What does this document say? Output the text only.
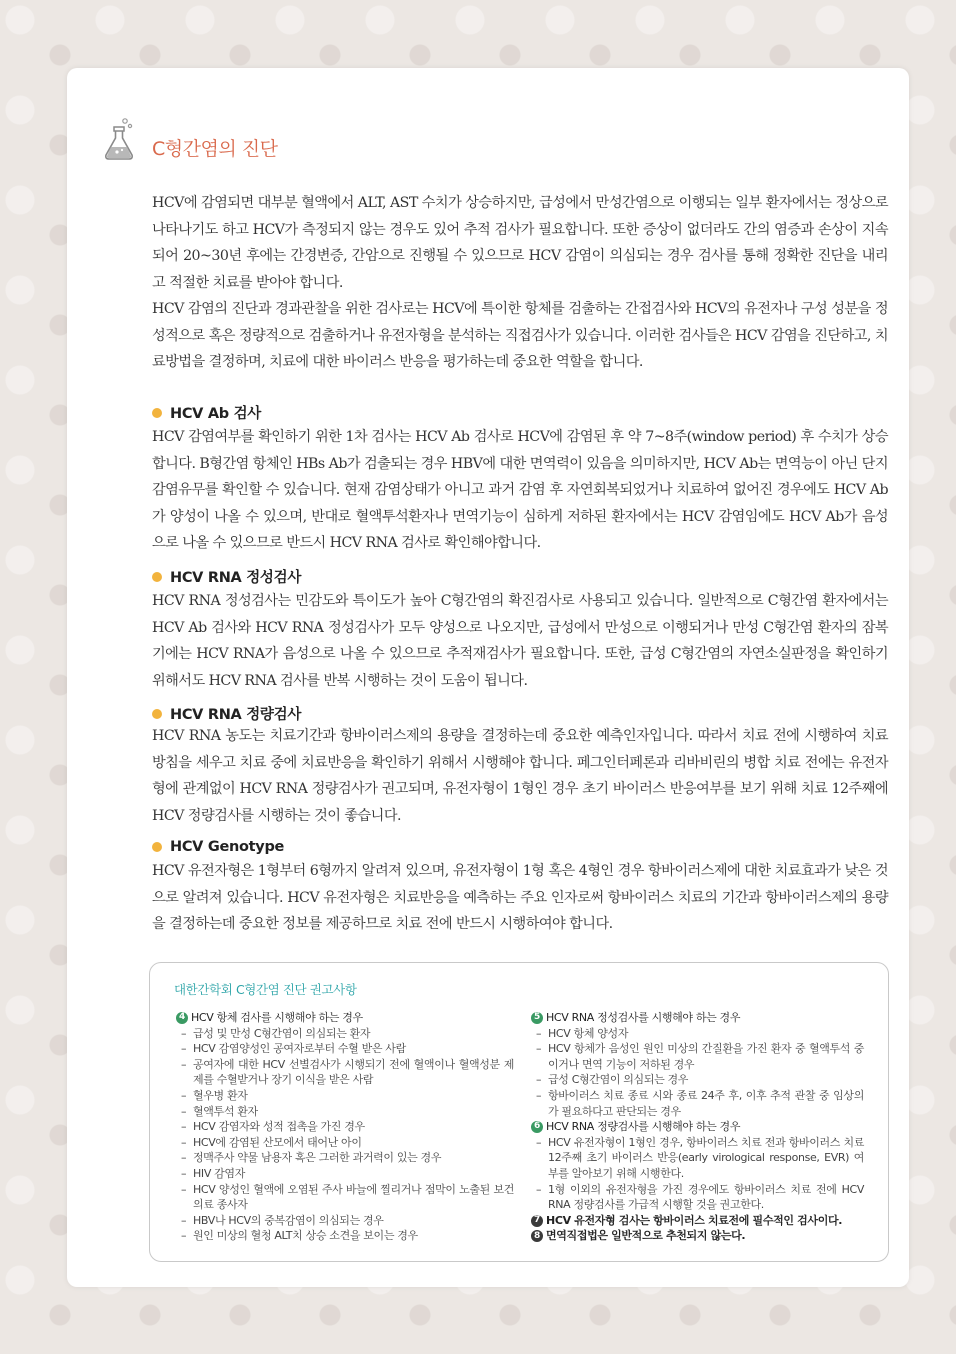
C형간염의 진단

HCV에 감염되면 대부분 혈액에서 ALT, AST 수치가 상승하지만, 급성에서 만성간염으로 이행되는 일부 환자에서는 정상으로 나타나기도 하고 HCV가 측정되지 않는 경우도 있어 추적 검사가 필요합니다. 또한 증상이 없더라도 간의 염증과 손상이 지속되어 20~30년 후에는 간경변증, 간암으로 진행될 수 있으므로 HCV 감염이 의심되는 경우 검사를 통해 정확한 진단을 내리고 적절한 치료를 받아야 합니다.

HCV 감염의 진단과 경과관찰을 위한 검사로는 HCV에 특이한 항체를 검출하는 간접검사와 HCV의 유전자나 구성 성분을 정성적으로 혹은 정량적으로 검출하거나 유전자형을 분석하는 직접검사가 있습니다. 이러한 검사들은 HCV 감염을 진단하고, 치료방법을 결정하며, 치료에 대한 바이러스 반응을 평가하는데 중요한 역할을 합니다.

HCV Ab 검사

HCV 감염여부를 확인하기 위한 1차 검사는 HCV Ab 검사로 HCV에 감염된 후 약 7~8주(window period) 후 수치가 상승합니다. B형간염 항체인 HBs Ab가 검출되는 경우 HBV에 대한 면역력이 있음을 의미하지만, HCV Ab는 면역능이 아닌 단지 감염유무를 확인할 수 있습니다. 현재 감염상태가 아니고 과거 감염 후 자연회복되었거나 치료하여 없어진 경우에도 HCV Ab가 양성이 나올 수 있으며, 반대로 혈액투석환자나 면역기능이 심하게 저하된 환자에서는 HCV 감염임에도 HCV Ab가 음성으로 나올 수 있으므로 반드시 HCV RNA 검사로 확인해야합니다.

HCV RNA 정성검사

HCV RNA 정성검사는 민감도와 특이도가 높아 C형간염의 확진검사로 사용되고 있습니다. 일반적으로 C형간염 환자에서는 HCV Ab 검사와 HCV RNA 정성검사가 모두 양성으로 나오지만, 급성에서 만성으로 이행되거나 만성 C형간염 환자의 잠복기에는 HCV RNA가 음성으로 나올 수 있으므로 추적재검사가 필요합니다. 또한, 급성 C형간염의 자연소실판정을 확인하기 위해서도 HCV RNA 검사를 반복 시행하는 것이 도움이 됩니다.

HCV RNA 정량검사

HCV RNA 농도는 치료기간과 항바이러스제의 용량을 결정하는데 중요한 예측인자입니다. 따라서 치료 전에 시행하여 치료방침을 세우고 치료 중에 치료반응을 확인하기 위해서 시행해야 합니다. 페그인터페론과 리바비린의 병합 치료 전에는 유전자형에 관계없이 HCV RNA 정량검사가 권고되며, 유전자형이 1형인 경우 초기 바이러스 반응여부를 보기 위해 치료 12주째에 HCV 정량검사를 시행하는 것이 좋습니다.

HCV Genotype

HCV 유전자형은 1형부터 6형까지 알려져 있으며, 유전자형이 1형 혹은 4형인 경우 항바이러스제에 대한 치료효과가 낮은 것으로 알려져 있습니다. HCV 유전자형은 치료반응을 예측하는 주요 인자로써 항바이러스 치료의 기간과 항바이러스제의 용량을 결정하는데 중요한 정보를 제공하므로 치료 전에 반드시 시행하여야 합니다.

대한간학회 C형간염 진단 권고사항
4 HCV 항체 검사를 시행해야 하는 경우
– 급성 및 만성 C형간염이 의심되는 환자
– HCV 감염양성인 공여자로부터 수혈 받은 사람
– 공여자에 대한 HCV 선별검사가 시행되기 전에 혈액이나 혈액성분 제제를 수혈받거나 장기 이식을 받은 사람
– 혈우병 환자
– 혈액투석 환자
– HCV 감염자와 성적 접촉을 가진 경우
– HCV에 감염된 산모에서 태어난 아이
– 정맥주사 약물 남용자 혹은 그러한 과거력이 있는 경우
– HIV 감염자
– HCV 양성인 혈액에 오염된 주사 바늘에 찔리거나 점막이 노출된 보건의료 종사자
– HBV나 HCV의 중복감염이 의심되는 경우
– 원인 미상의 혈청 ALT치 상승 소견을 보이는 경우
5 HCV RNA 정성검사를 시행해야 하는 경우
– HCV 항체 양성자
– HCV 항체가 음성인 원인 미상의 간질환을 가진 환자 중 혈액투석 중이거나 면역 기능이 저하된 경우
– 급성 C형간염이 의심되는 경우
– 항바이러스 치료 종료 시와 종료 24주 후, 이후 추적 관찰 중 임상의가 필요하다고 판단되는 경우
6 HCV RNA 정량검사를 시행해야 하는 경우
– HCV 유전자형이 1형인 경우, 항바이러스 치료 전과 항바이러스 치료 12주째 초기 바이러스 반응(early virological response, EVR) 여부를 알아보기 위해 시행한다.
– 1형 이외의 유전자형을 가진 경우에도 항바이러스 치료 전에 HCV RNA 정량검사를 가급적 시행할 것을 권고한다.
7 HCV 유전자형 검사는 항바이러스 치료전에 필수적인 검사이다.
8 면역직접법은 일반적으로 추천되지 않는다.
